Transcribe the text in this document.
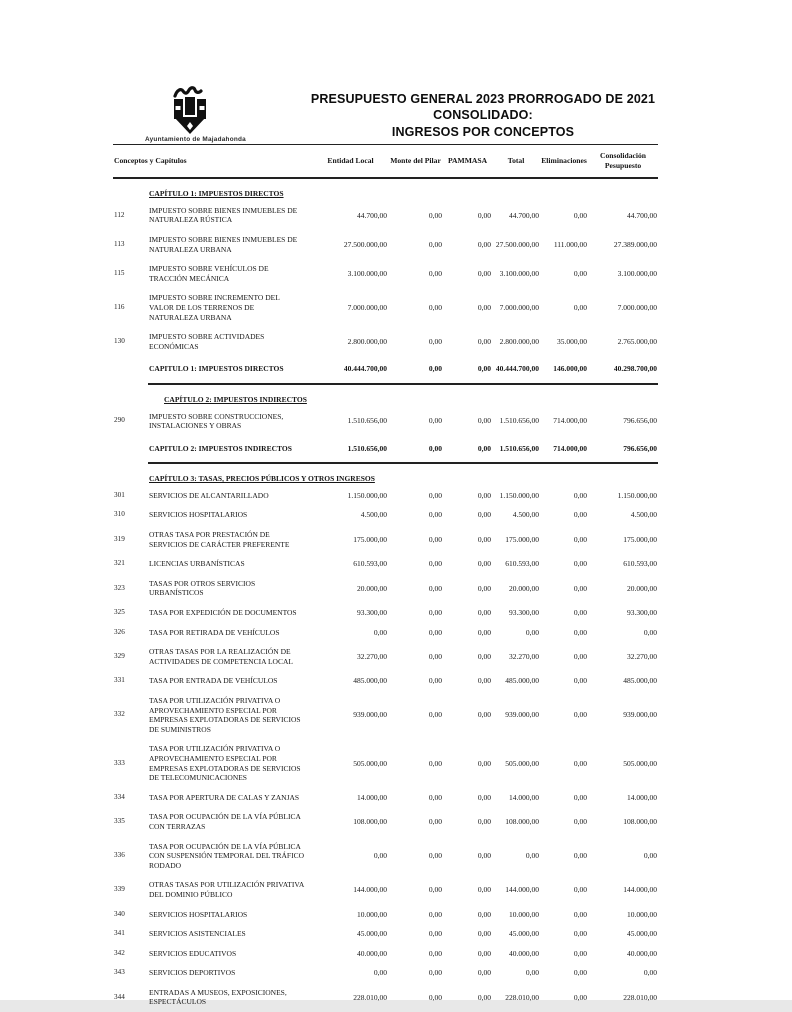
Ayuntamiento de Majadahonda
PRESUPUESTO GENERAL 2023 PRORROGADO DE 2021
CONSOLIDADO:
INGRESOS POR CONCEPTOS
Conceptos y Capítulos		Entidad Local	Monte del Pilar	PAMMASA	Total	Eliminaciones	Consolidación Pesupuesto
	CAPÍTULO 1: IMPUESTOS DIRECTOS						
112	IMPUESTO SOBRE BIENES INMUEBLES DE NATURALEZA RÚSTICA	44.700,00	0,00	0,00	44.700,00	0,00	44.700,00
113	IMPUESTO SOBRE BIENES INMUEBLES DE NATURALEZA URBANA	27.500.000,00	0,00	0,00	27.500.000,00	111.000,00	27.389.000,00
115	IMPUESTO SOBRE VEHÍCULOS DE TRACCIÓN MECÁNICA	3.100.000,00	0,00	0,00	3.100.000,00	0,00	3.100.000,00
116	IMPUESTO SOBRE INCREMENTO DEL VALOR DE LOS TERRENOS DE NATURALEZA URBANA	7.000.000,00	0,00	0,00	7.000.000,00	0,00	7.000.000,00
130	IMPUESTO SOBRE ACTIVIDADES ECONÓMICAS	2.800.000,00	0,00	0,00	2.800.000,00	35.000,00	2.765.000,00
	CAPITULO 1: IMPUESTOS DIRECTOS	40.444.700,00	0,00	0,00	40.444.700,00	146.000,00	40.298.700,00
	CAPÍTULO 2: IMPUESTOS INDIRECTOS						
290	IMPUESTO SOBRE CONSTRUCCIONES, INSTALACIONES Y OBRAS	1.510.656,00	0,00	0,00	1.510.656,00	714.000,00	796.656,00
	CAPITULO 2: IMPUESTOS INDIRECTOS	1.510.656,00	0,00	0,00	1.510.656,00	714.000,00	796.656,00
	CAPÍTULO 3: TASAS, PRECIOS PÚBLICOS Y OTROS INGRESOS						
301	SERVICIOS DE ALCANTARILLADO	1.150.000,00	0,00	0,00	1.150.000,00	0,00	1.150.000,00
310	SERVICIOS HOSPITALARIOS	4.500,00	0,00	0,00	4.500,00	0,00	4.500,00
319	OTRAS TASA POR PRESTACIÓN DE SERVICIOS DE CARÁCTER PREFERENTE	175.000,00	0,00	0,00	175.000,00	0,00	175.000,00
321	LICENCIAS URBANÍSTICAS	610.593,00	0,00	0,00	610.593,00	0,00	610.593,00
323	TASAS POR OTROS SERVICIOS URBANÍSTICOS	20.000,00	0,00	0,00	20.000,00	0,00	20.000,00
325	TASA POR EXPEDICIÓN DE DOCUMENTOS	93.300,00	0,00	0,00	93.300,00	0,00	93.300,00
326	TASA POR RETIRADA DE VEHÍCULOS	0,00	0,00	0,00	0,00	0,00	0,00
329	OTRAS TASAS POR LA REALIZACIÓN DE ACTIVIDADES DE COMPETENCIA LOCAL	32.270,00	0,00	0,00	32.270,00	0,00	32.270,00
331	TASA POR ENTRADA DE VEHÍCULOS	485.000,00	0,00	0,00	485.000,00	0,00	485.000,00
332	TASA POR UTILIZACIÓN PRIVATIVA O APROVECHAMIENTO ESPECIAL POR EMPRESAS EXPLOTADORAS DE SERVICIOS DE SUMINISTROS	939.000,00	0,00	0,00	939.000,00	0,00	939.000,00
333	TASA POR UTILIZACIÓN PRIVATIVA O APROVECHAMIENTO ESPECIAL POR EMPRESAS EXPLOTADORAS DE SERVICIOS DE TELECOMUNICACIONES	505.000,00	0,00	0,00	505.000,00	0,00	505.000,00
334	TASA POR APERTURA DE CALAS Y ZANJAS	14.000,00	0,00	0,00	14.000,00	0,00	14.000,00
335	TASA POR OCUPACIÓN DE LA VÍA PÚBLICA CON TERRAZAS	108.000,00	0,00	0,00	108.000,00	0,00	108.000,00
336	TASA POR OCUPACIÓN DE LA VÍA PÚBLICA CON SUSPENSIÓN TEMPORAL DEL TRÁFICO RODADO	0,00	0,00	0,00	0,00	0,00	0,00
339	OTRAS TASAS POR UTILIZACIÓN PRIVATIVA DEL DOMINIO PÚBLICO	144.000,00	0,00	0,00	144.000,00	0,00	144.000,00
340	SERVICIOS HOSPITALARIOS	10.000,00	0,00	0,00	10.000,00	0,00	10.000,00
341	SERVICIOS ASISTENCIALES	45.000,00	0,00	0,00	45.000,00	0,00	45.000,00
342	SERVICIOS EDUCATIVOS	40.000,00	0,00	0,00	40.000,00	0,00	40.000,00
343	SERVICIOS DEPORTIVOS	0,00	0,00	0,00	0,00	0,00	0,00
344	ENTRADAS A MUSEOS, EXPOSICIONES, ESPECTÁCULOS	228.010,00	0,00	0,00	228.010,00	0,00	228.010,00
